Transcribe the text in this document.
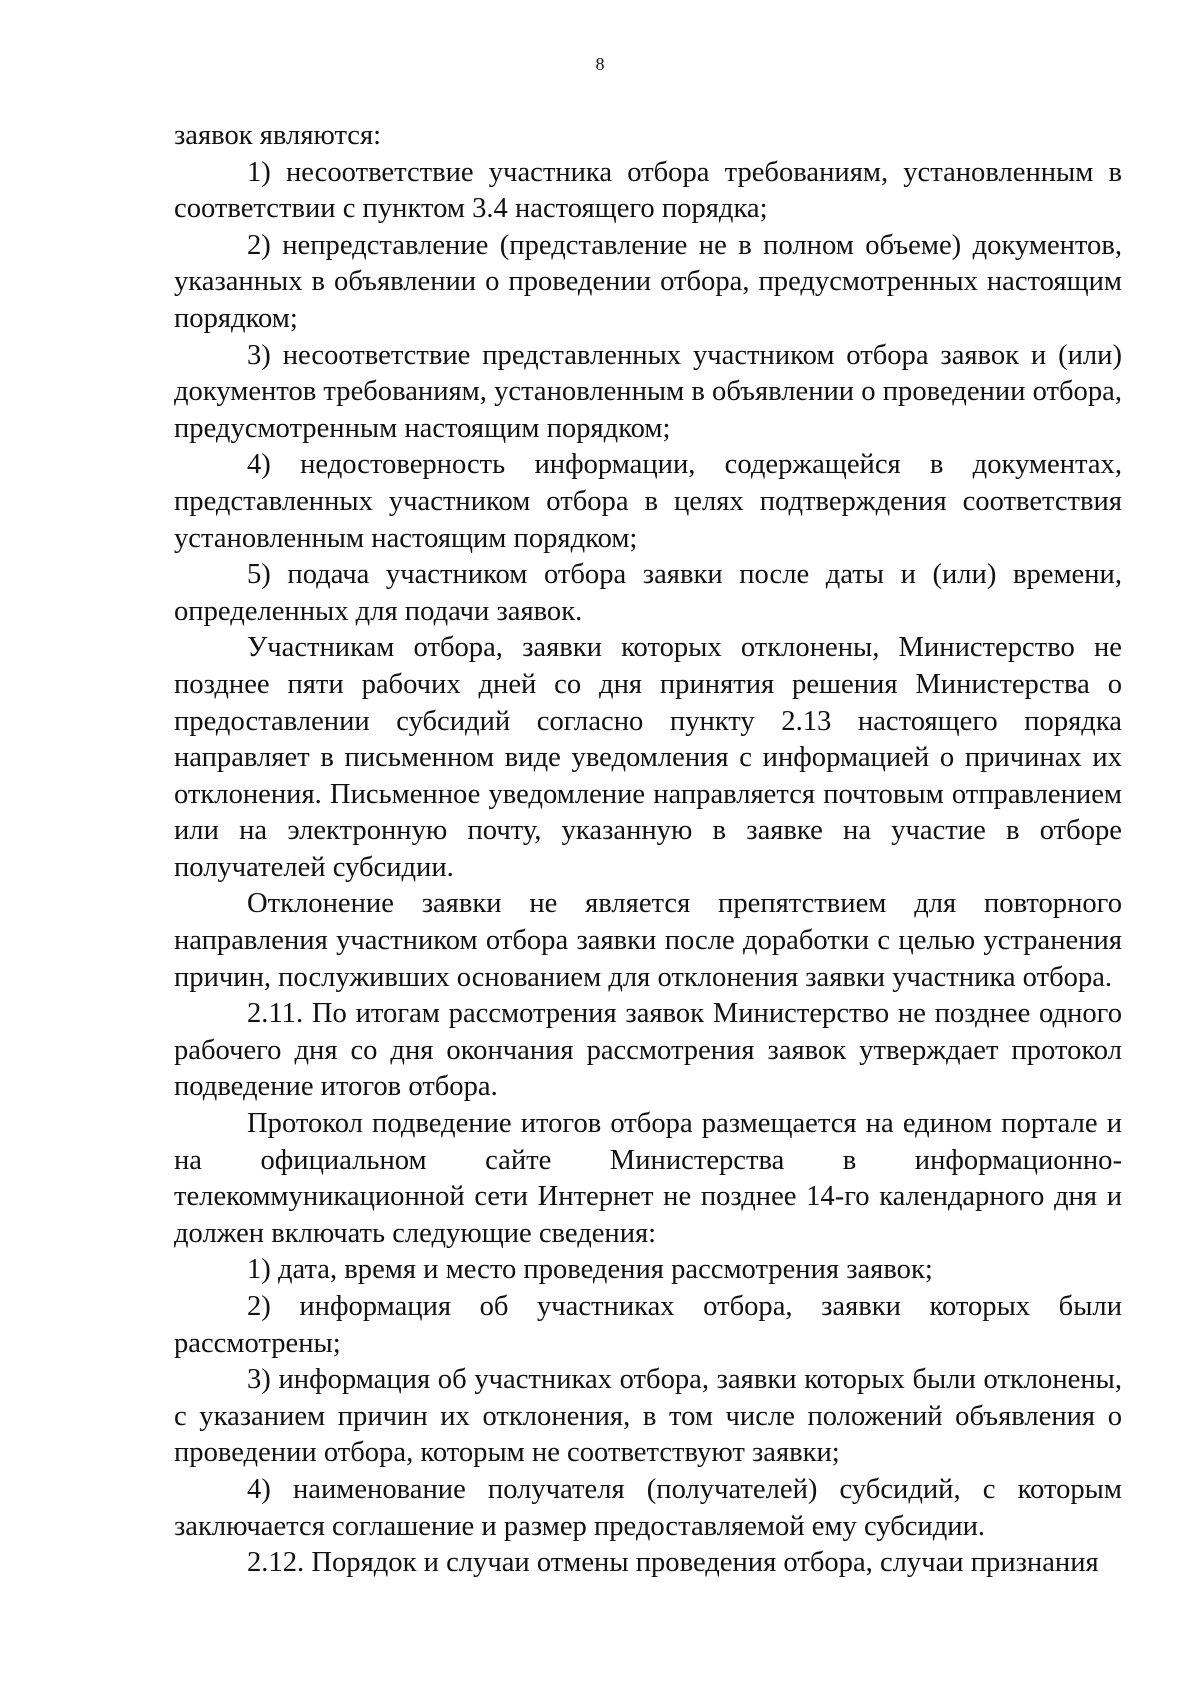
8

заявок являются:

1) несоответствие участника отбора требованиям, установленным в соответствии с пунктом 3.4 настоящего порядка;

2) непредставление (представление не в полном объеме) документов, указанных в объявлении о проведении отбора, предусмотренных настоящим порядком;

3) несоответствие представленных участником отбора заявок и (или) документов требованиям, установленным в объявлении о проведении отбора, предусмотренным настоящим порядком;

4) недостоверность информации, содержащейся в документах, представленных участником отбора в целях подтверждения соответствия установленным настоящим порядком;

5) подача участником отбора заявки после даты и (или) времени, определенных для подачи заявок.

Участникам отбора, заявки которых отклонены, Министерство не позднее пяти рабочих дней со дня принятия решения Министерства о предоставлении субсидий согласно пункту 2.13 настоящего порядка направляет в письменном виде уведомления с информацией о причинах их отклонения. Письменное уведомление направляется почтовым отправлением или на электронную почту, указанную в заявке на участие в отборе получателей субсидии.

Отклонение заявки не является препятствием для повторного направления участником отбора заявки после доработки с целью устранения причин, послуживших основанием для отклонения заявки участника отбора.

2.11. По итогам рассмотрения заявок Министерство не позднее одного рабочего дня со дня окончания рассмотрения заявок утверждает протокол подведение итогов отбора.

Протокол подведение итогов отбора размещается на едином портале и на официальном сайте Министерства в информационно-телекоммуникационной сети Интернет не позднее 14-го календарного дня и должен включать следующие сведения:

1) дата, время и место проведения рассмотрения заявок;

2) информация об участниках отбора, заявки которых были рассмотрены;

3) информация об участниках отбора, заявки которых были отклонены, с указанием причин их отклонения, в том числе положений объявления о проведении отбора, которым не соответствуют заявки;

4) наименование получателя (получателей) субсидий, с которым заключается соглашение и размер предоставляемой ему субсидии.

2.12. Порядок и случаи отмены проведения отбора, случаи признания
